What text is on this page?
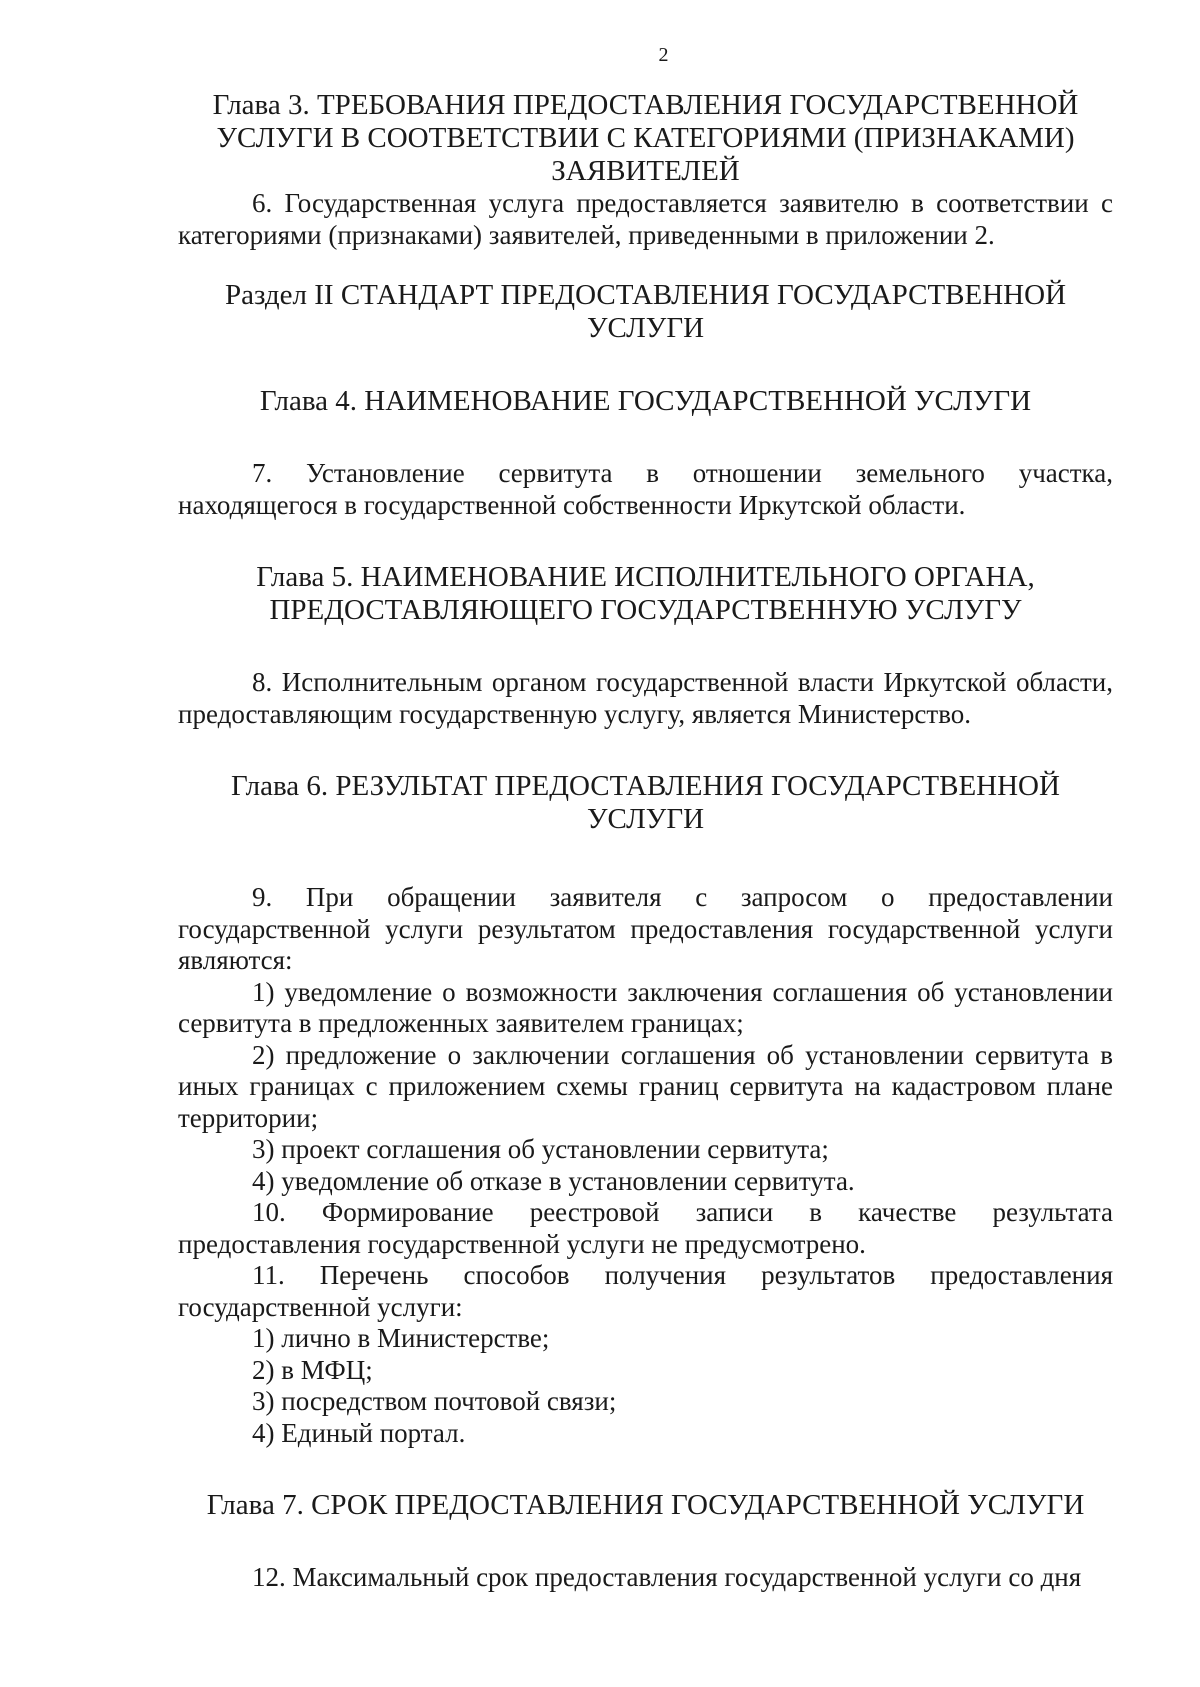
2
Глава 3. ТРЕБОВАНИЯ ПРЕДОСТАВЛЕНИЯ ГОСУДАРСТВЕННОЙ
УСЛУГИ В СООТВЕТСТВИИ С КАТЕГОРИЯМИ (ПРИЗНАКАМИ)
ЗАЯВИТЕЛЕЙ

6. Государственная услуга предоставляется заявителю в соответствии с категориями (признаками) заявителей, приведенными в приложении 2.

Раздел II СТАНДАРТ ПРЕДОСТАВЛЕНИЯ ГОСУДАРСТВЕННОЙ
УСЛУГИ
Глава 4. НАИМЕНОВАНИЕ ГОСУДАРСТВЕННОЙ УСЛУГИ

7. Установление сервитута в отношении земельного участка, находящегося в государственной собственности Иркутской области.

Глава 5. НАИМЕНОВАНИЕ ИСПОЛНИТЕЛЬНОГО ОРГАНА,
ПРЕДОСТАВЛЯЮЩЕГО ГОСУДАРСТВЕННУЮ УСЛУГУ

8. Исполнительным органом государственной власти Иркутской области, предоставляющим государственную услугу, является Министерство.

Глава 6. РЕЗУЛЬТАТ ПРЕДОСТАВЛЕНИЯ ГОСУДАРСТВЕННОЙ
УСЛУГИ

9. При обращении заявителя с запросом о предоставлении государственной услуги результатом предоставления государственной услуги являются:

1) уведомление о возможности заключения соглашения об установлении сервитута в предложенных заявителем границах;

2) предложение о заключении соглашения об установлении сервитута в иных границах с приложением схемы границ сервитута на кадастровом плане территории;

3) проект соглашения об установлении сервитута;

4) уведомление об отказе в установлении сервитута.

10. Формирование реестровой записи в качестве результата предоставления государственной услуги не предусмотрено.

11. Перечень способов получения результатов предоставления государственной услуги:

1) лично в Министерстве;

2) в МФЦ;

3) посредством почтовой связи;

4) Единый портал.

Глава 7. СРОК ПРЕДОСТАВЛЕНИЯ ГОСУДАРСТВЕННОЙ УСЛУГИ

12. Максимальный срок предоставления государственной услуги со дня
